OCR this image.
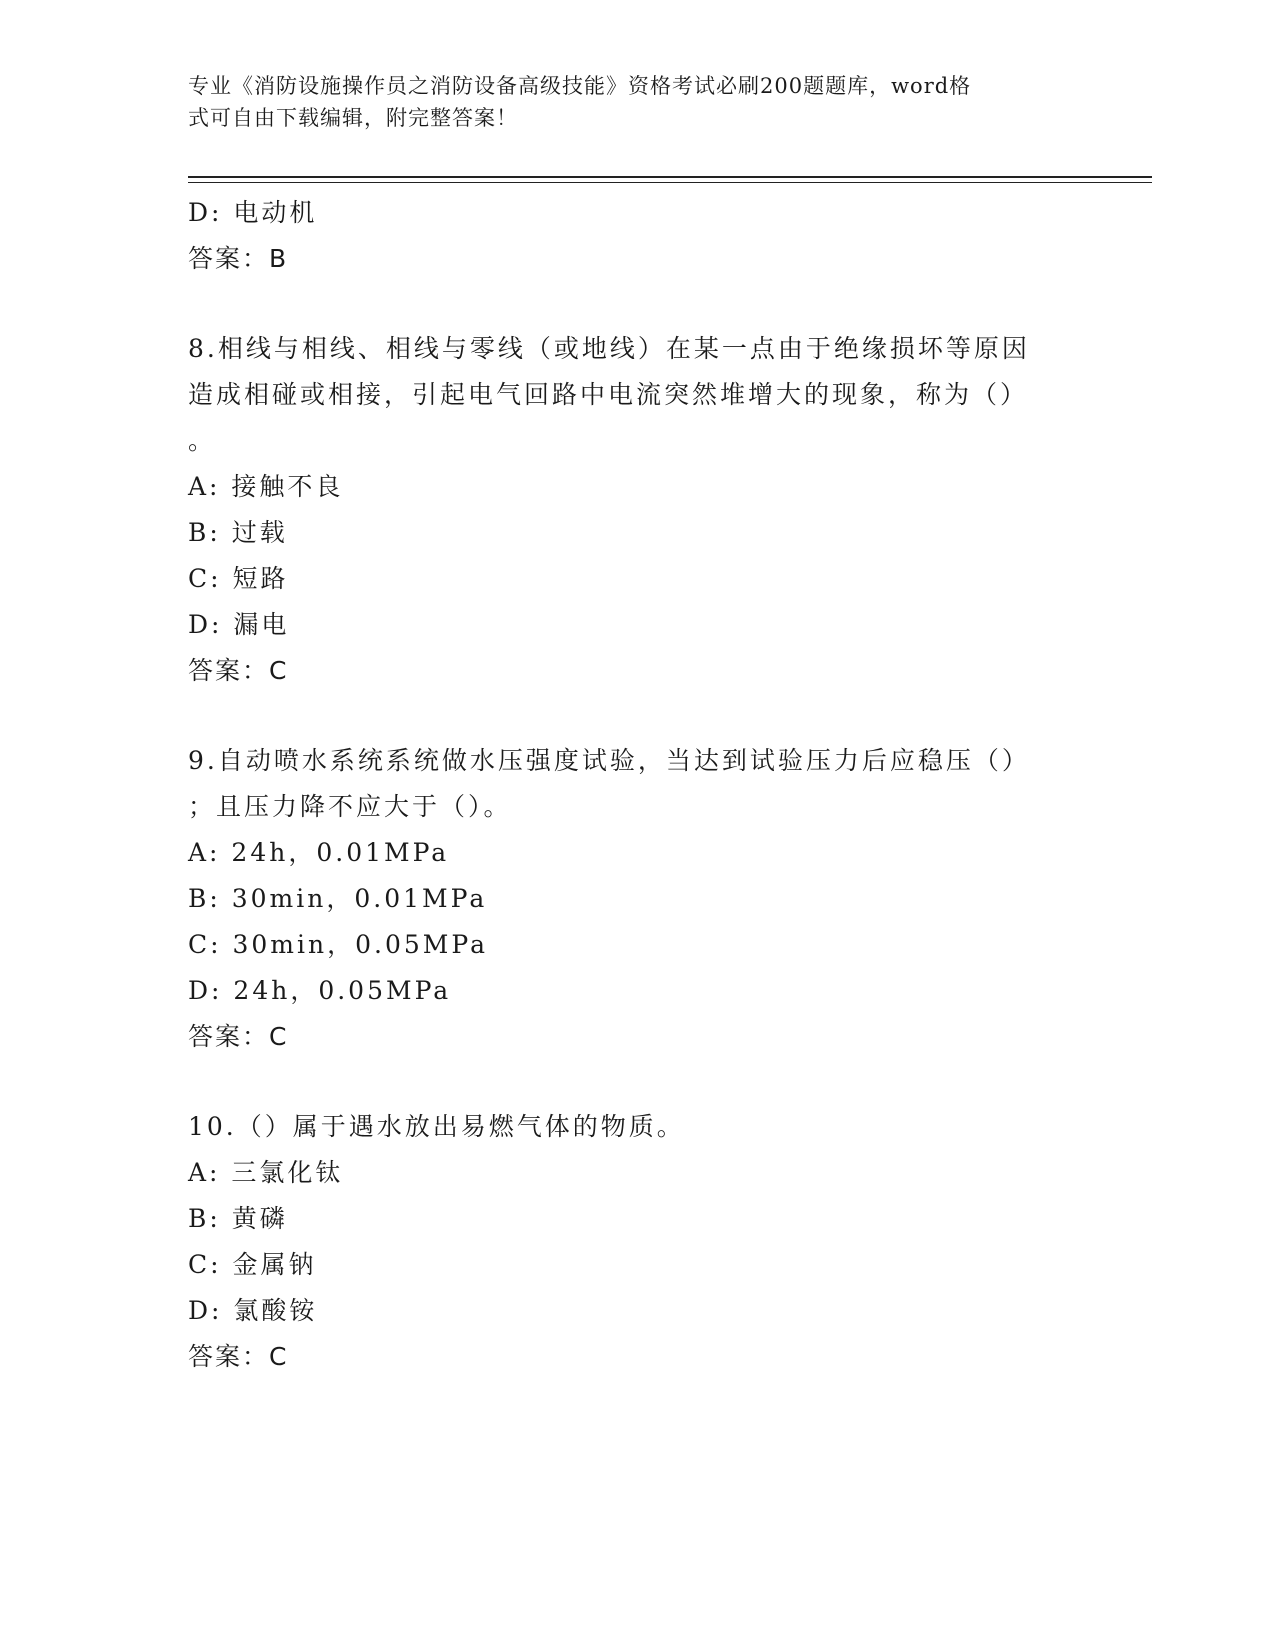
专业《消防设施操作员之消防设备高级技能》资格考试必刷200题题库，word格
式可自由下载编辑，附完整答案！
D: 电动机
答案：B
8.相线与相线、相线与零线（或地线）在某一点由于绝缘损坏等原因
造成相碰或相接，引起电气回路中电流突然堆增大的现象，称为（）
。
A: 接触不良
B: 过载
C: 短路
D: 漏电
答案：C
9.自动喷水系统系统做水压强度试验，当达到试验压力后应稳压（）
；且压力降不应大于（）。
A: 24h，0.01MPa
B: 30min，0.01MPa
C: 30min，0.05MPa
D: 24h，0.05MPa
答案：C
10.（）属于遇水放出易燃气体的物质。
A: 三氯化钛
B: 黄磷
C: 金属钠
D: 氯酸铵
答案：C
